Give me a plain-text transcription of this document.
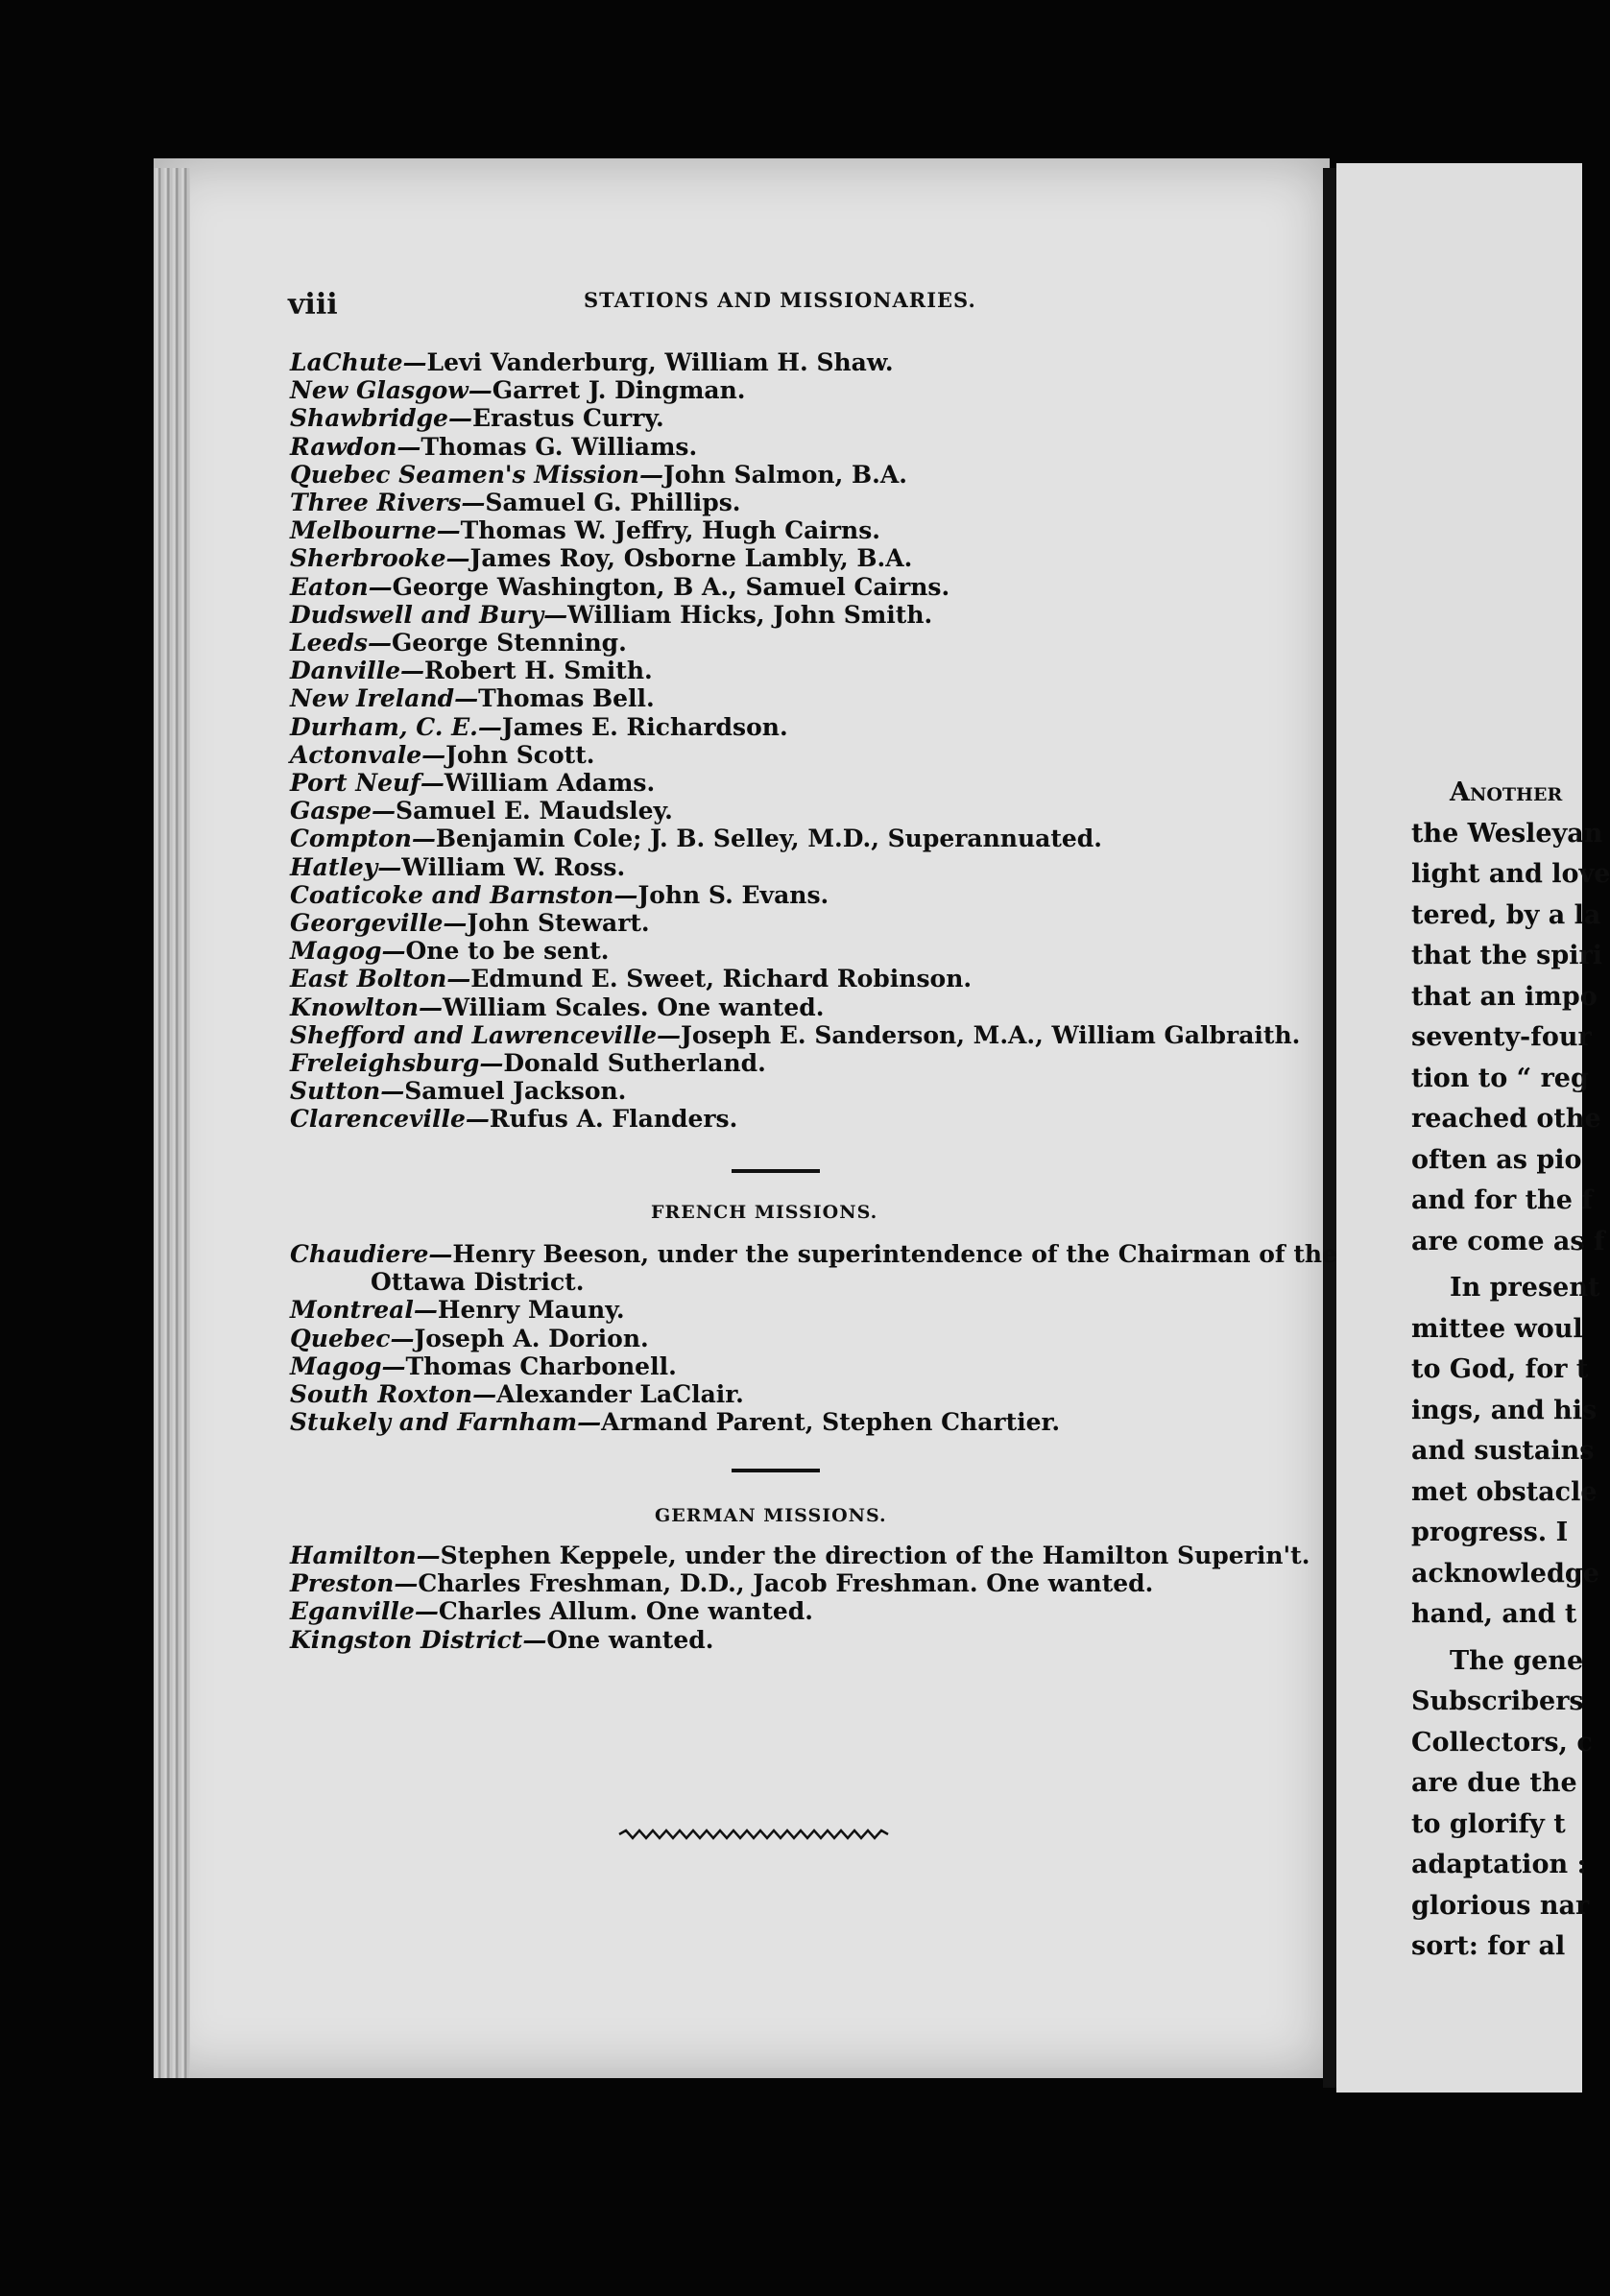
viii	STATIONS AND MISSIONARIES.
LaChute—Levi Vanderburg, William H. Shaw.
New Glasgow—Garret J. Dingman.
Shawbridge—Erastus Curry.
Rawdon—Thomas G. Williams.
Quebec Seamen's Mission—John Salmon, B.A.
Three Rivers—Samuel G. Phillips.
Melbourne—Thomas W. Jeffry, Hugh Cairns.
Sherbrooke—James Roy, Osborne Lambly, B.A.
Eaton—George Washington, B A., Samuel Cairns.
Dudswell and Bury—William Hicks, John Smith.
Leeds—George Stenning.
Danville—Robert H. Smith.
New Ireland—Thomas Bell.
Durham, C. E.—James E. Richardson.
Actonvale—John Scott.
Port Neuf—William Adams.
Gaspe—Samuel E. Maudsley.
Compton—Benjamin Cole; J. B. Selley, M.D., Superannuated.
Hatley—William W. Ross.
Coaticoke and Barnston—John S. Evans.
Georgeville—John Stewart.
Magog—One to be sent.
East Bolton—Edmund E. Sweet, Richard Robinson.
Knowlton—William Scales. One wanted.
Shefford and Lawrenceville—Joseph E. Sanderson, M.A., William Galbraith.
Freleighsburg—Donald Sutherland.
Sutton—Samuel Jackson.
Clarenceville—Rufus A. Flanders.
FRENCH MISSIONS.
Chaudiere—Henry Beeson, under the superintendence of the Chairman of the
Ottawa District.
Montreal—Henry Mauny.
Quebec—Joseph A. Dorion.
Magog—Thomas Charbonell.
South Roxton—Alexander LaClair.
Stukely and Farnham—Armand Parent, Stephen Chartier.
GERMAN MISSIONS.
Hamilton—Stephen Keppele, under the direction of the Hamilton Superin't.
Preston—Charles Freshman, D.D., Jacob Freshman. One wanted.
Eganville—Charles Allum. One wanted.
Kingston District—One wanted.
Another
the Wesleyan
light and love
tered, by a la
that the spiri
that an impo
seventy-four
tion to “ reg
reached othe
often as pio
and for the f
are come as f
In present
mittee woul
to God, for t
ings, and his
and sustains
met obstacle
progress. I
acknowledge
hand, and t
The gene
Subscribers
Collectors, c
are due the
to glorify t
adaptation :
glorious nar
sort: for al
